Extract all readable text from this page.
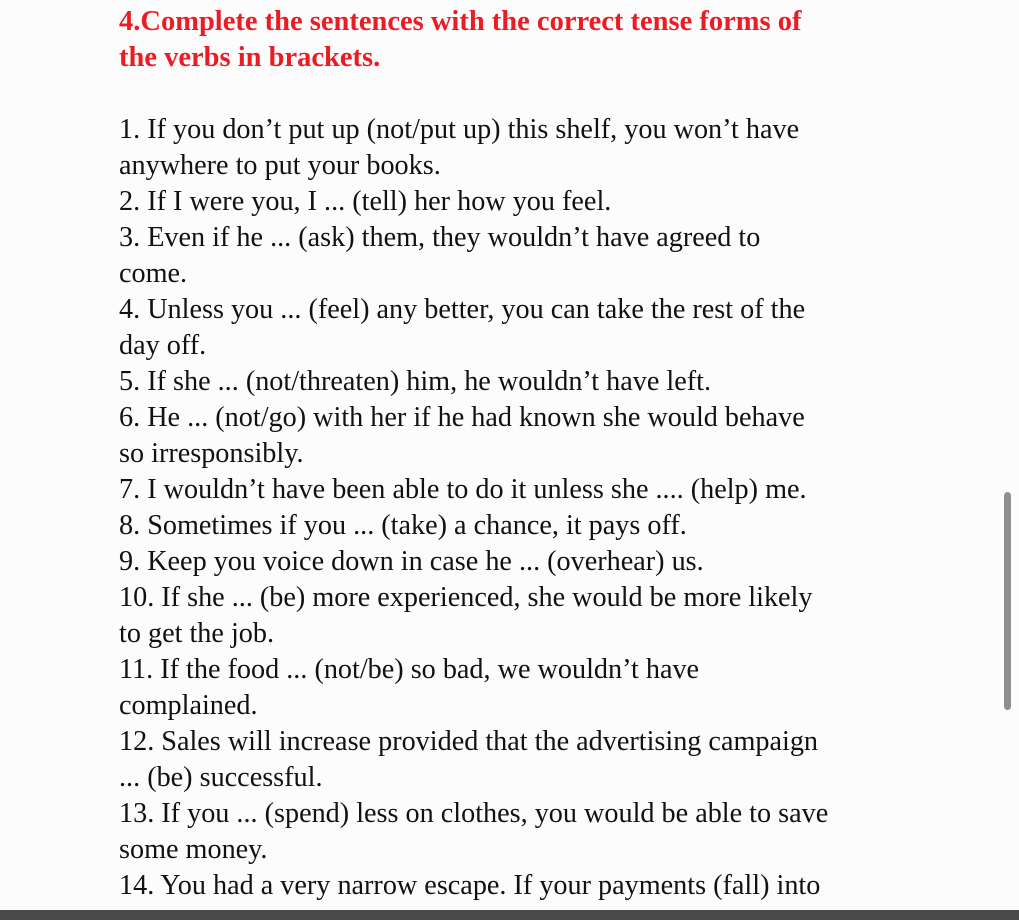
4.Complete the sentences with the correct tense forms of
the verbs in brackets.
1. If you don’t put up (not/put up) this shelf, you won’t have
anywhere to put your books.
2. If I were you, I ... (tell) her how you feel.
3. Even if he ... (ask) them, they wouldn’t have agreed to
come.
4. Unless you ... (feel) any better, you can take the rest of the
day off.
5. If she ... (not/threaten) him, he wouldn’t have left.
6. He ... (not/go) with her if he had known she would behave
so irresponsibly.
7. I wouldn’t have been able to do it unless she .... (help) me.
8. Sometimes if you ... (take) a chance, it pays off.
9. Keep you voice down in case he ... (overhear) us.
10. If she ... (be) more experienced, she would be more likely
to get the job.
11. If the food ... (not/be) so bad, we wouldn’t have
complained.
12. Sales will increase provided that the advertising campaign
... (be) successful.
13. If you ... (spend) less on clothes, you would be able to save
some money.
14. You had a very narrow escape. If your payments (fall) into
